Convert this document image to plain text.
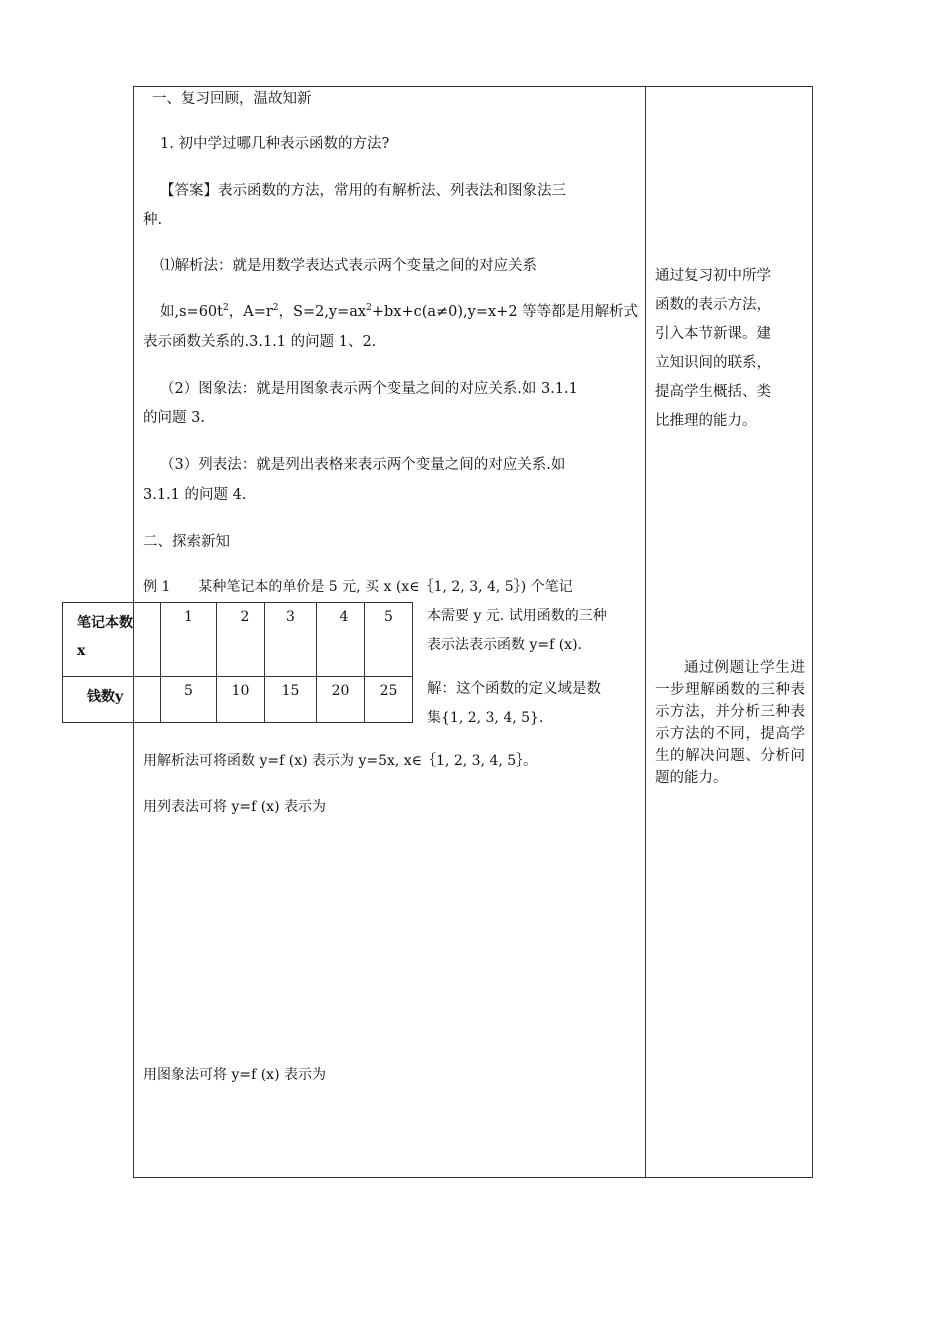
一、复习回顾，温故知新
1. 初中学过哪几种表示函数的方法?
【答案】表示函数的方法，常用的有解析法、列表法和图象法三
种.
⑴解析法：就是用数学表达式表示两个变量之间的对应关系
如$,s=60t^2$，$A=r^2$，$S=2,y=ax^2+bx+c(a\ne 0),y=x+2$ 等等都是用解析式
表示函数关系的.3.1.1 的问题 1、2.
（2）图象法：就是用图象表示两个变量之间的对应关系.如 3.1.1
的问题 3.
（3）列表法：就是列出表格来表示两个变量之间的对应关系.如
3.1.1 的问题 4.
二、探索新知
例 1　　某种笔记本的单价是 5 元, 买 x (x∈｛1, 2, 3, 4, 5｝) 个笔记
本需要 y 元. 试用函数的三种
表示法表示函数 y=f (x).
解：这个函数的定义域是数
集{1, 2, 3, 4, 5}.
笔记本数
x	1	2	3	4	5
钱数y	5	10	15	20	25
用解析法可将函数 y=f (x) 表示为 y=5x, x∈｛1, 2, 3, 4, 5｝。
用列表法可将 y=f (x) 表示为
用图象法可将 y=f (x) 表示为
通过复习初中所学
函数的表示方法，
引入本节新课。建
立知识间的联系，
提高学生概括、类
比推理的能力。
通过例题让学生进一步理解函数的三种表示方法，并分析三种表示方法的不同，提高学生的解决问题、分析问题的能力。
